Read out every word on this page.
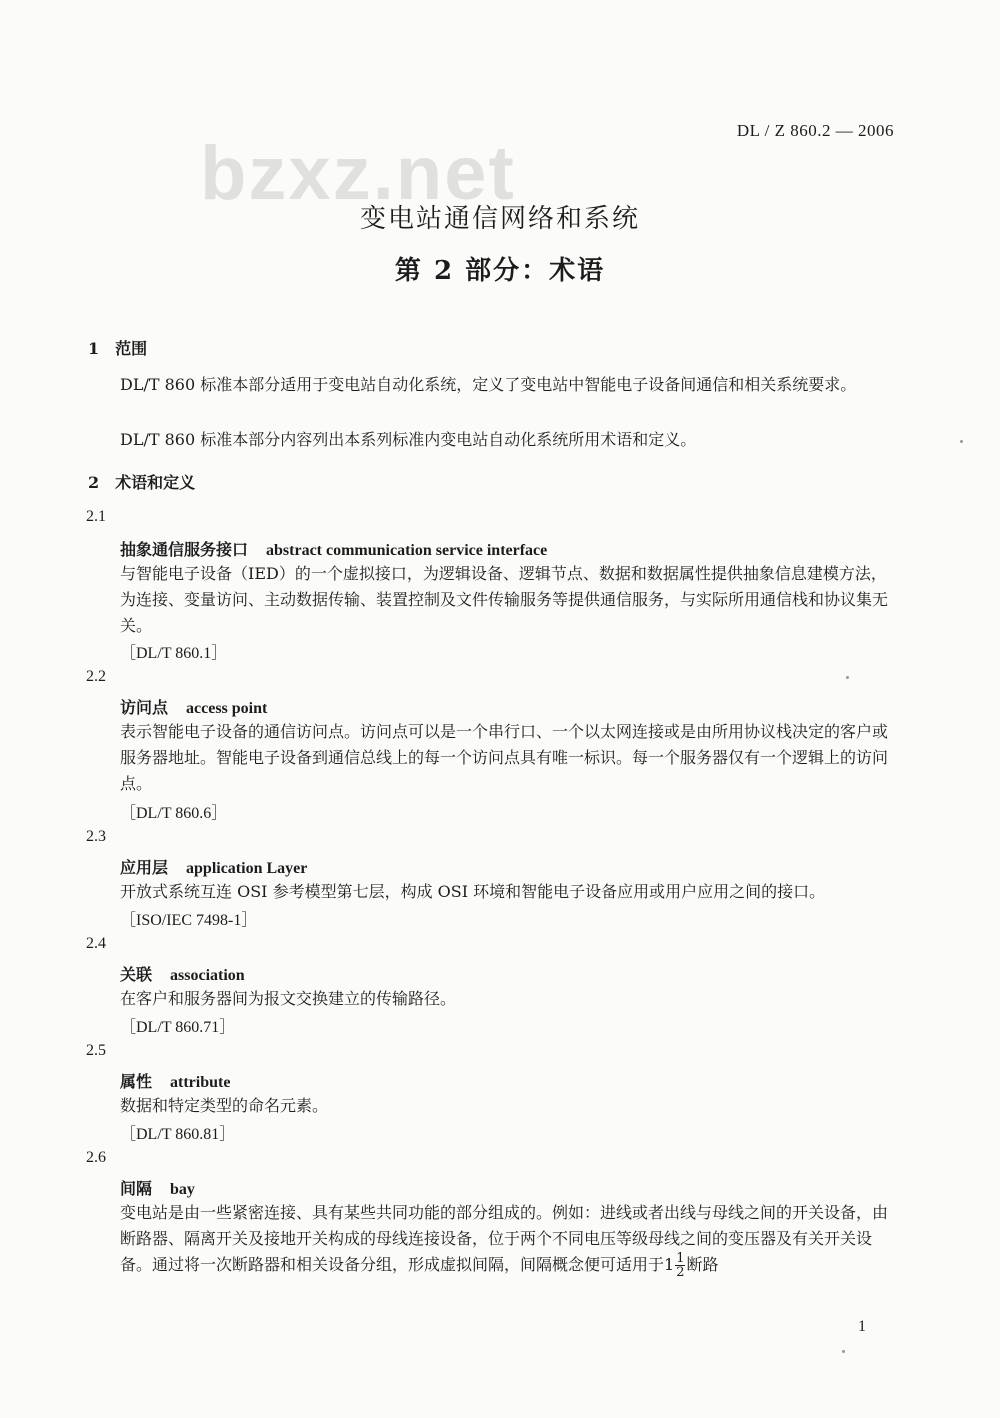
bzxz.net
DL / Z 860.2 — 2006
变电站通信网络和系统
第 2 部分：术语
1　范围
DL/T 860 标准本部分适用于变电站自动化系统，定义了变电站中智能电子设备间通信和相关系统要求。
DL/T 860 标准本部分内容列出本系列标准内变电站自动化系统所用术语和定义。
2　术语和定义
2.1
抽象通信服务接口 abstract communication service interface
与智能电子设备（IED）的一个虚拟接口，为逻辑设备、逻辑节点、数据和数据属性提供抽象信息建模方法，为连接、变量访问、主动数据传输、装置控制及文件传输服务等提供通信服务，与实际所用通信栈和协议集无关。
［DL/T 860.1］
2.2
访问点 access point
表示智能电子设备的通信访问点。访问点可以是一个串行口、一个以太网连接或是由所用协议栈决定的客户或服务器地址。智能电子设备到通信总线上的每一个访问点具有唯一标识。每一个服务器仅有一个逻辑上的访问点。
［DL/T 860.6］
2.3
应用层 application Layer
开放式系统互连 OSI 参考模型第七层，构成 OSI 环境和智能电子设备应用或用户应用之间的接口。
［ISO/IEC 7498-1］
2.4
关联 association
在客户和服务器间为报文交换建立的传输路径。
［DL/T 860.71］
2.5
属性 attribute
数据和特定类型的命名元素。
［DL/T 860.81］
2.6
间隔 bay
变电站是由一些紧密连接、具有某些共同功能的部分组成的。例如：进线或者出线与母线之间的开关设备，由断路器、隔离开关及接地开关构成的母线连接设备，位于两个不同电压等级母线之间的变压器及有关开关设备。通过将一次断路器和相关设备分组，形成虚拟间隔，间隔概念便可适用于$1 \frac{1}{2}$ 断路
1
